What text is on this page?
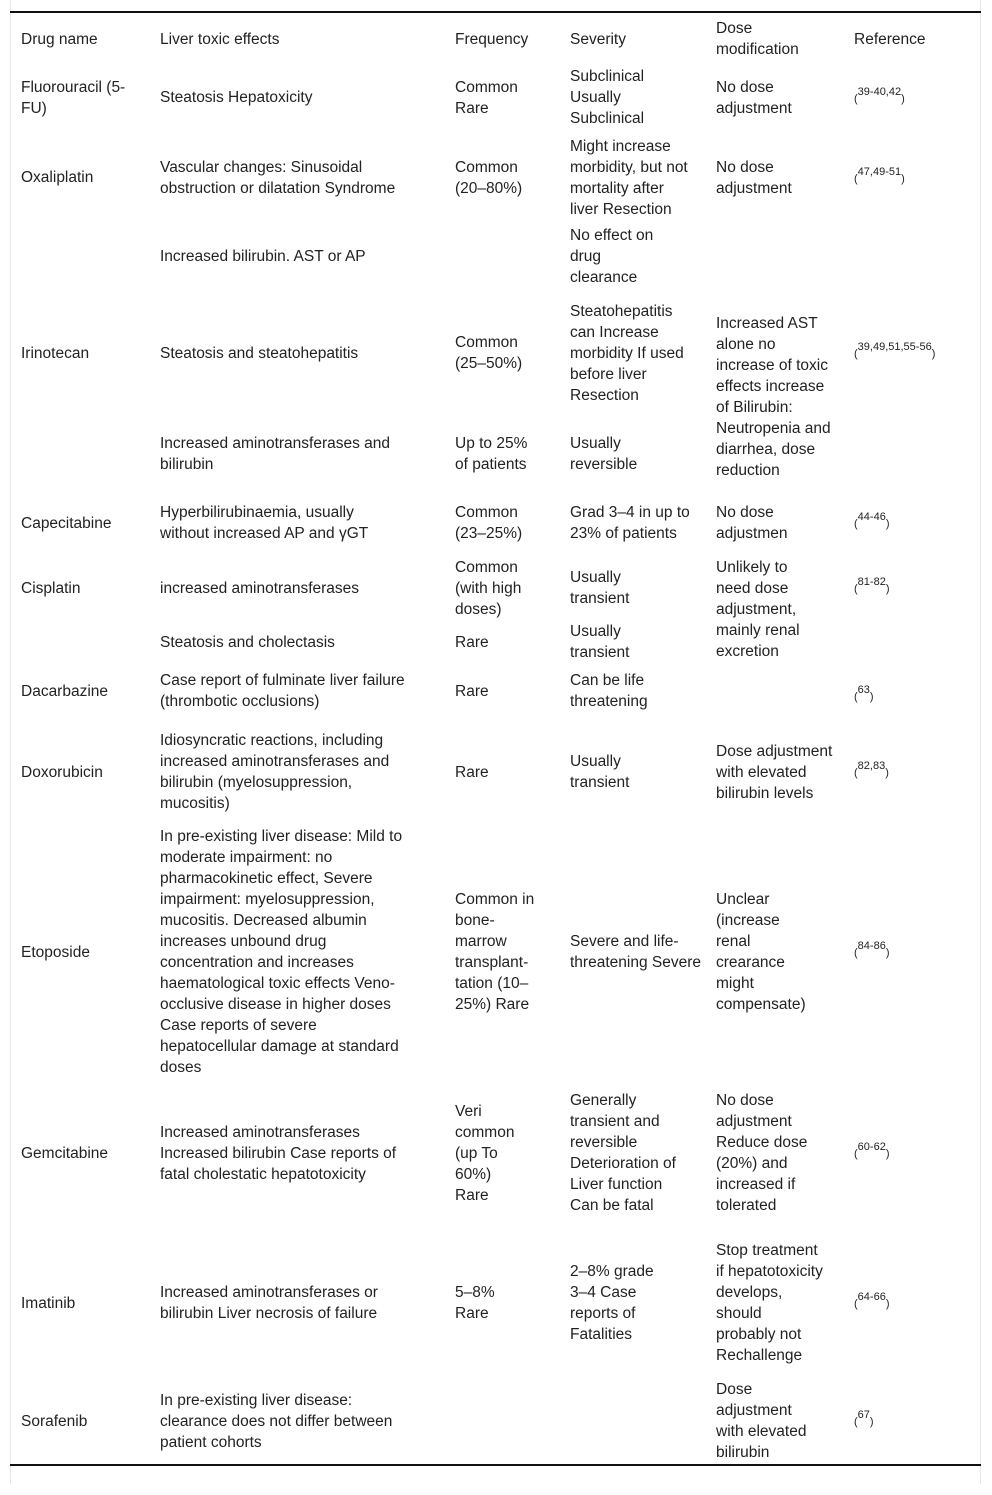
Drug name	Liver toxic effects	Frequency	Severity	Dose modification	Reference
Fluorouracil (5-FU)	Steatosis Hepatoxicity	Common Rare	Subclinical Usually Subclinical	No dose adjustment	($^{39-40,42}$)
Oxaliplatin	Vascular changes: Sinusoidal obstruction or dilatation Syndrome	Common (20–80%)	Might increase morbidity, but not mortality after liver Resection	No dose adjustment	($^{47,49-51}$)
	Increased bilirubin. AST or AP		No effect on drug clearance		
Irinotecan	Steatosis and steatohepatitis	Common (25–50%)	Steatohepatitis can Increase morbidity If used before liver Resection	Increased AST alone no increase of toxic effects increase of Bilirubin:	($^{39,49,51,55-56}$)
	Increased aminotransferases and bilirubin	Up to 25% of patients	Usually reversible	Neutropenia and diarrhea, dose reduction	
Capecitabine	Hyperbilirubinaemia, usually without increased AP and γGT	Common (23–25%)	Grad 3–4 in up to 23% of patients	No dose adjustmen	($^{44-46}$)
Cisplatin	increased aminotransferases	Common (with high doses)	Usually transient	Unlikely to need dose adjustment,	($^{81-82}$)
	Steatosis and cholectasis	Rare	Usually transient	mainly renal excretion	
Dacarbazine	Case report of fulminate liver failure (thrombotic occlusions)	Rare	Can be life threatening		($^{63}$)
Doxorubicin	Idiosyncratic reactions, including increased aminotransferases and bilirubin (myelosuppression, mucositis)	Rare	Usually transient	Dose adjustment with elevated bilirubin levels	($^{82,83}$)
Etoposide	In pre-existing liver disease: Mild to moderate impairment: no pharmacokinetic effect, Severe impairment: myelosuppression, mucositis. Decreased albumin increases unbound drug concentration and increases haematological toxic effects Veno-occlusive disease in higher doses Case reports of severe hepatocellular damage at standard doses	Common in bone-marrow transplant-tation (10–25%) Rare	Severe and life-threatening Severe	Unclear (increase renal crearance might compensate)	($^{84-86}$)
Gemcitabine	Increased aminotransferases Increased bilirubin Case reports of fatal cholestatic hepatotoxicity	Veri common (up To 60%) Rare	Generally transient and reversible Deterioration of Liver function Can be fatal	No dose adjustment Reduce dose (20%) and increased if tolerated	($^{60-62}$)
Imatinib	Increased aminotransferases or bilirubin Liver necrosis of failure	5–8% Rare	2–8% grade 3–4 Case reports of Fatalities	Stop treatment if hepatotoxicity develops, should probably not Rechallenge	($^{64-66}$)
Sorafenib	In pre-existing liver disease: clearance does not differ between patient cohorts			Dose adjustment with elevated bilirubin	($^{67}$)
